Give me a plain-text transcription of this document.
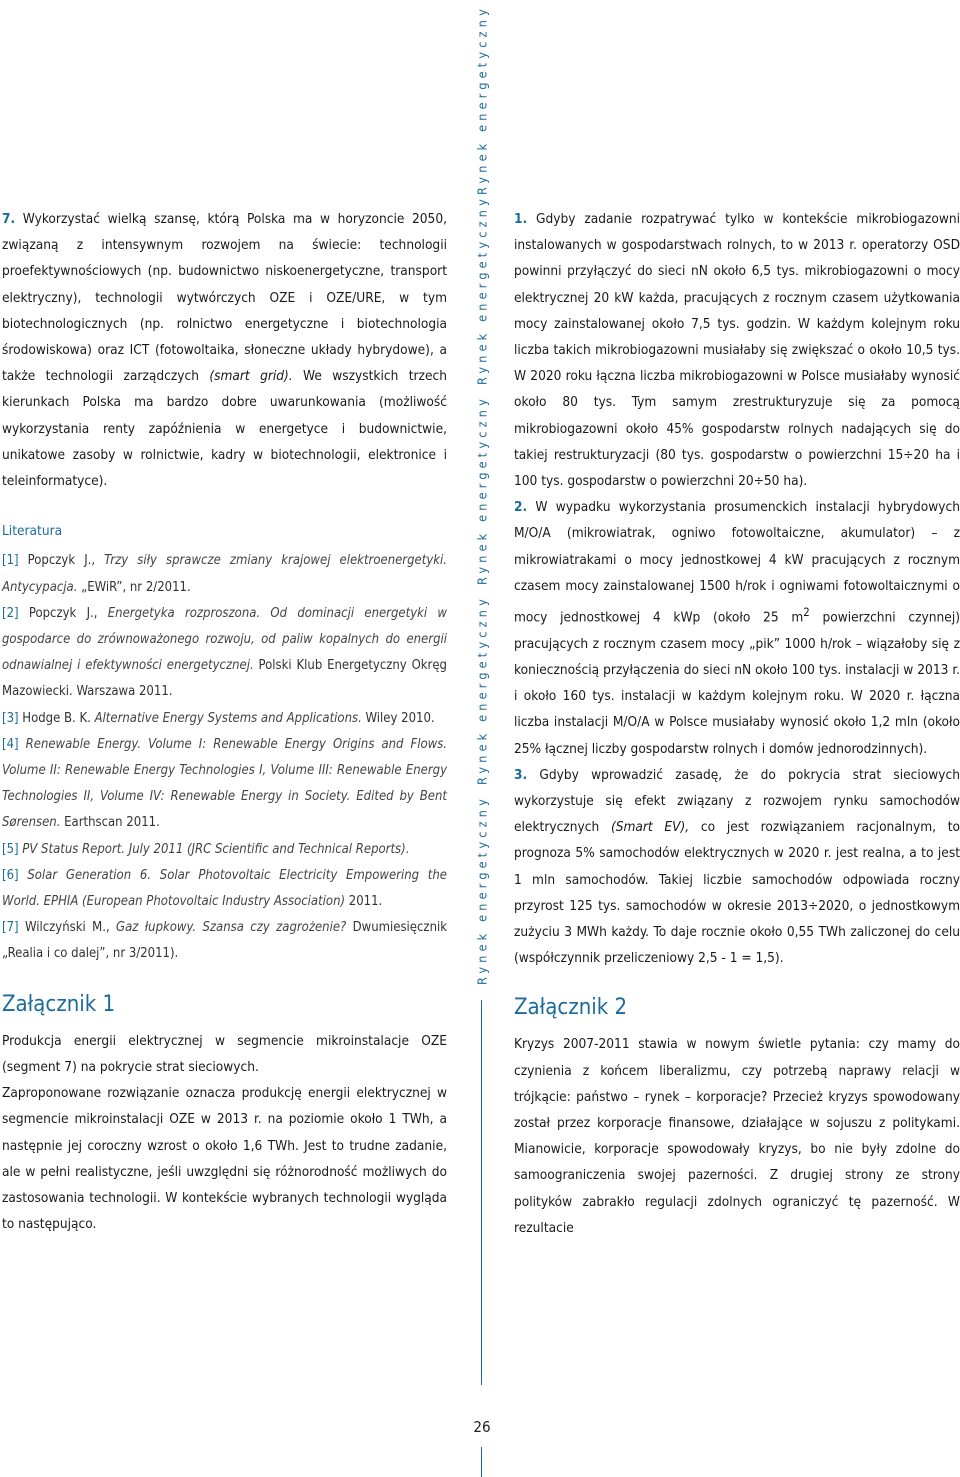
Rynek energetyczny
Rynek energetyczny
Rynek energetyczny
Rynek energetyczny
Rynek energetyczny
26

7. Wykorzystać wielką szansę, którą Polska ma w horyzoncie 2050, związaną z intensywnym rozwojem na świecie: technologii proefektywnościowych (np. budownictwo niskoenergetyczne, transport elektryczny), technologii wytwórczych OZE i OZE/URE, w tym biotechnologicznych (np. rolnictwo energetyczne i biotechnologia środowiskowa) oraz ICT (fotowoltaika, słoneczne układy hybrydowe), a także technologii zarządczych (smart grid). We wszystkich trzech kierunkach Polska ma bardzo dobre uwarunkowania (możliwość wykorzystania renty zapóźnienia w energetyce i budownictwie, unikatowe zasoby w rolnictwie, kadry w biotechnologii, elektronice i teleinformatyce).

Literatura

[1] Popczyk J., Trzy siły sprawcze zmiany krajowej elektroenergetyki. Antycypacja. „EWiR”, nr 2/2011.

[2] Popczyk J., Energetyka rozproszona. Od dominacji energetyki w gospodarce do zrównoważonego rozwoju, od paliw kopalnych do energii odnawialnej i efektywności energetycznej. Polski Klub Energetyczny Okręg Mazowiecki. Warszawa 2011.

[3] Hodge B. K. Alternative Energy Systems and Applications. Wiley 2010.

[4] Renewable Energy. Volume I: Renewable Energy Origins and Flows. Volume II: Renewable Energy Technologies I, Volume III: Renewable Energy Technologies II, Volume IV: Renewable Energy in Society. Edited by Bent Sørensen. Earthscan 2011.

[5] PV Status Report. July 2011 (JRC Scientific and Technical Reports).

[6] Solar Generation 6. Solar Photovoltaic Electricity Empowering the World. EPHIA (European Photovoltaic Industry Association) 2011.

[7] Wilczyński M., Gaz łupkowy. Szansa czy zagrożenie? Dwumiesięcznik „Realia i co dalej”, nr 3/2011).

Załącznik 1

Produkcja energii elektrycznej w segmencie mikroinstalacje OZE (segment 7) na pokrycie strat sieciowych.

Zaproponowane rozwiązanie oznacza produkcję energii elektrycznej w segmencie mikroinstalacji OZE w 2013 r. na poziomie około 1 TWh, a następnie jej coroczny wzrost o około 1,6 TWh. Jest to trudne zadanie, ale w pełni realistyczne, jeśli uwzględni się różnorodność możliwych do zastosowania technologii. W kontekście wybranych technologii wygląda to następująco.

1. Gdyby zadanie rozpatrywać tylko w kontekście mikrobiogazowni instalowanych w gospodarstwach rolnych, to w 2013 r. operatorzy OSD powinni przyłączyć do sieci nN około 6,5 tys. mikrobiogazowni o mocy elektrycznej 20 kW każda, pracujących z rocznym czasem użytkowania mocy zainstalowanej około 7,5 tys. godzin. W każdym kolejnym roku liczba takich mikrobiogazowni musiałaby się zwiększać o około 10,5 tys. W 2020 roku łączna liczba mikrobiogazowni w Polsce musiałaby wynosić około 80 tys. Tym samym zrestrukturyzuje się za pomocą mikrobiogazowni około 45% gospodarstw rolnych nadających się do takiej restrukturyzacji (80 tys. gospodarstw o powierzchni 15÷20 ha i 100 tys. gospodarstw o powierzchni 20÷50 ha).

2. W wypadku wykorzystania prosumenckich instalacji hybrydowych M/O/A (mikrowiatrak, ogniwo fotowoltaiczne, akumulator) – z mikrowiatrakami o mocy jednostkowej 4 kW pracujących z rocznym czasem mocy zainstalowanej 1500 h/rok i ogniwami fotowoltaicznymi o mocy jednostkowej 4 kWp (około 25 $m^2$ powierzchni czynnej) pracujących z rocznym czasem mocy „pik” 1000 h/rok – wiązałoby się z koniecznością przyłączenia do sieci nN około 100 tys. instalacji w 2013 r. i około 160 tys. instalacji w każdym kolejnym roku. W 2020 r. łączna liczba instalacji M/O/A w Polsce musiałaby wynosić około 1,2 mln (około 25% łącznej liczby gospodarstw rolnych i domów jednorodzinnych).

3. Gdyby wprowadzić zasadę, że do pokrycia strat sieciowych wykorzystuje się efekt związany z rozwojem rynku samochodów elektrycznych (Smart EV), co jest rozwiązaniem racjonalnym, to prognoza 5% samochodów elektrycznych w 2020 r. jest realna, a to jest 1 mln samochodów. Takiej liczbie samochodów odpowiada roczny przyrost 125 tys. samochodów w okresie 2013÷2020, o jednostkowym zużyciu 3 MWh każdy. To daje rocznie około 0,55 TWh zaliczonej do celu (współczynnik przeliczeniowy 2,5 - 1 = 1,5).

Załącznik 2

Kryzys 2007-2011 stawia w nowym świetle pytania: czy mamy do czynienia z końcem liberalizmu, czy potrzebą naprawy relacji w trójkącie: państwo – rynek – korporacje? Przecież kryzys spowodowany został przez korporacje finansowe, działające w sojuszu z politykami. Mianowicie, korporacje spowodowały kryzys, bo nie były zdolne do samoograniczenia swojej pazerności. Z drugiej strony ze strony polityków zabrakło regulacji zdolnych ograniczyć tę pazerność. W rezultacie
